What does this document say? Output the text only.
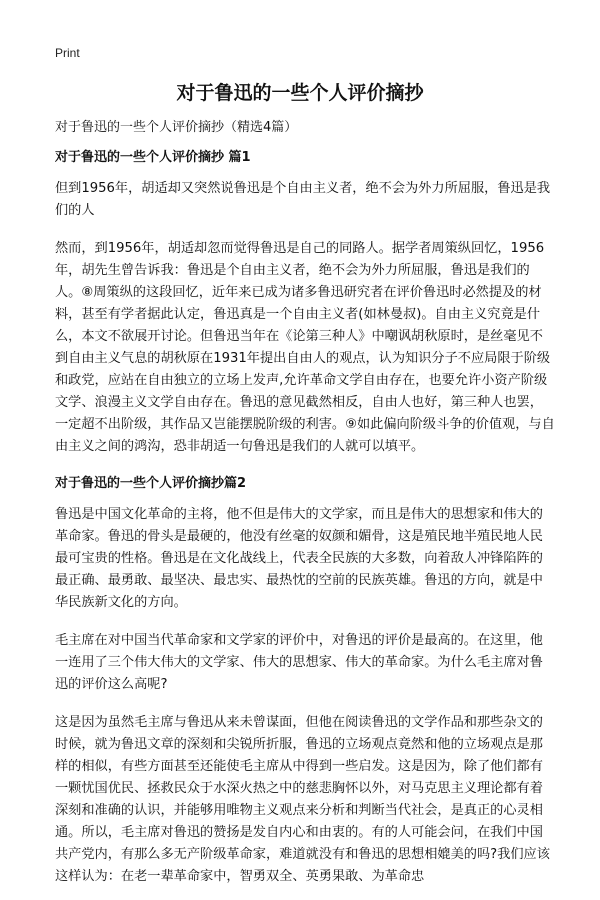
Print
对于鲁迅的一些个人评价摘抄

对于鲁迅的一些个人评价摘抄（精选4篇）

对于鲁迅的一些个人评价摘抄 篇1

但到1956年，胡适却又突然说鲁迅是个自由主义者，绝不会为外力所屈服，鲁迅是我们的人

然而，到1956年，胡适却忽而觉得鲁迅是自己的同路人。据学者周策纵回忆，1956年，胡先生曾告诉我：鲁迅是个自由主义者，绝不会为外力所屈服，鲁迅是我们的人。⑧周策纵的这段回忆，近年来已成为诸多鲁迅研究者在评价鲁迅时必然提及的材料，甚至有学者据此认定，鲁迅真是一个自由主义者(如林曼叔)。自由主义究竟是什么，本文不欲展开讨论。但鲁迅当年在《论第三种人》中嘲讽胡秋原时，是丝毫见不到自由主义气息的胡秋原在1931年提出自由人的观点，认为知识分子不应局限于阶级和政党，应站在自由独立的立场上发声,允许革命文学自由存在，也要允许小资产阶级文学、浪漫主义文学自由存在。鲁迅的意见截然相反，自由人也好，第三种人也罢，一定超不出阶级，其作品又岂能摆脱阶级的利害。⑨如此偏向阶级斗争的价值观，与自由主义之间的鸿沟，恐非胡适一句鲁迅是我们的人就可以填平。

对于鲁迅的一些个人评价摘抄篇2

鲁迅是中国文化革命的主将，他不但是伟大的文学家，而且是伟大的思想家和伟大的革命家。鲁迅的骨头是最硬的，他没有丝毫的奴颜和媚骨，这是殖民地半殖民地人民最可宝贵的性格。鲁迅是在文化战线上，代表全民族的大多数，向着敌人冲锋陷阵的最正确、最勇敢、最坚决、最忠实、最热忱的空前的民族英雄。鲁迅的方向，就是中华民族新文化的方向。

毛主席在对中国当代革命家和文学家的评价中，对鲁迅的评价是最高的。在这里，他一连用了三个伟大伟大的文学家、伟大的思想家、伟大的革命家。为什么毛主席对鲁迅的评价这么高呢?

这是因为虽然毛主席与鲁迅从来未曾谋面，但他在阅读鲁迅的文学作品和那些杂文的时候，就为鲁迅文章的深刻和尖锐所折服，鲁迅的立场观点竟然和他的立场观点是那样的相似，有些方面甚至还能使毛主席从中得到一些启发。这是因为，除了他们都有一颗忧国优民、拯救民众于水深火热之中的慈悲胸怀以外，对马克思主义理论都有着深刻和准确的认识，并能够用唯物主义观点来分析和判断当代社会，是真正的心灵相通。所以，毛主席对鲁迅的赞扬是发自内心和由衷的。有的人可能会问，在我们中国共产党内，有那么多无产阶级革命家，难道就没有和鲁迅的思想相媲美的吗?我们应该这样认为：在老一辈革命家中，智勇双全、英勇果敢、为革命忠
